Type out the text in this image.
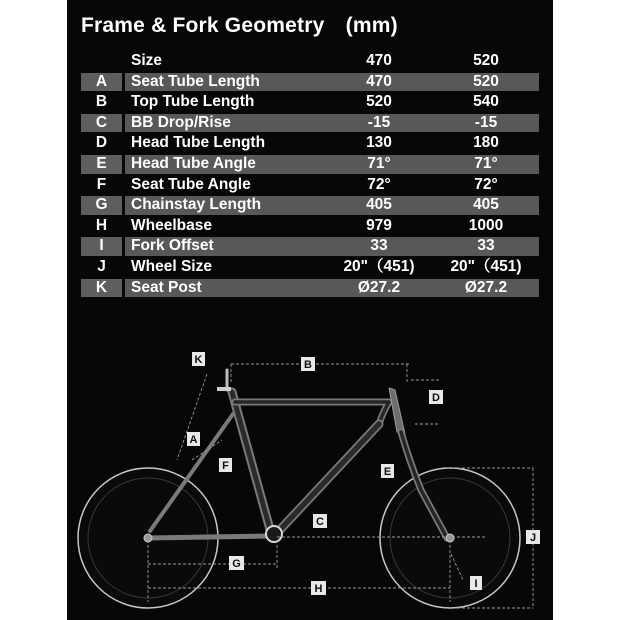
Frame & Fork Geometry　(mm)
Size	470	520
A	Seat Tube Length	470	520
B	Top Tube Length	520	540
C	BB Drop/Rise	-15	-15
D	Head Tube Length	130	180
E	Head Tube Angle	71°	71°
F	Seat Tube Angle	72°	72°
G	Chainstay Length	405	405
H	Wheelbase	979	1000
I	Fork Offset	33	33
J	Wheel Size	20"（451)	20"（451)
K	Seat Post	Ø27.2	Ø27.2
K	B
D
A
F	E
C
J
G
H	I
